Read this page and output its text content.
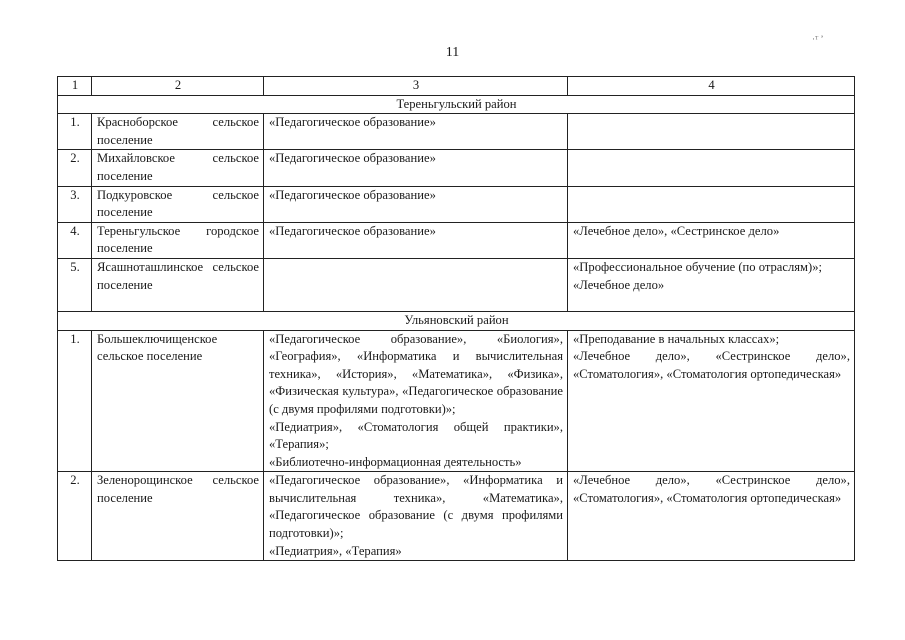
11
·ᵀ ’
1	2	3	4
Тереньгульский район			
1.	Красноборское сельское поселение	«Педагогическое образование»	
2.	Михайловское сельское поселение	«Педагогическое образование»	
3.	Подкуровское сельское поселение	«Педагогическое образование»	
4.	Тереньгульское городское поселение	«Педагогическое образование»	«Лечебное дело», «Сестринское дело»
5.	Ясашноташлинское сельское поселение		«Профессиональное обучение (по отраслям)»;
«Лечебное дело»

Ульяновский район			
1.	Большеключищенское сельское поселение	«Педагогическое образование», «Биология», «География», «Информатика и вычислительная техника», «История», «Математика», «Физика», «Физическая культура», «Педагогическое образование (с двумя профилями подготовки)»;
«Педиатрия», «Стоматология общей практики», «Терапия»;
«Библиотечно-информационная деятельность»	«Преподавание в начальных классах»;
«Лечебное дело», «Сестринское дело», «Стоматология», «Стоматология ортопедическая»

2.	Зеленорощинское сельское поселение	«Педагогическое образование», «Информатика и вычислительная техника», «Математика», «Педагогическое образование (с двумя профилями подготовки)»;
«Педиатрия», «Терапия»	«Лечебное дело», «Сестринское дело», «Стоматология», «Стоматология ортопедическая»
